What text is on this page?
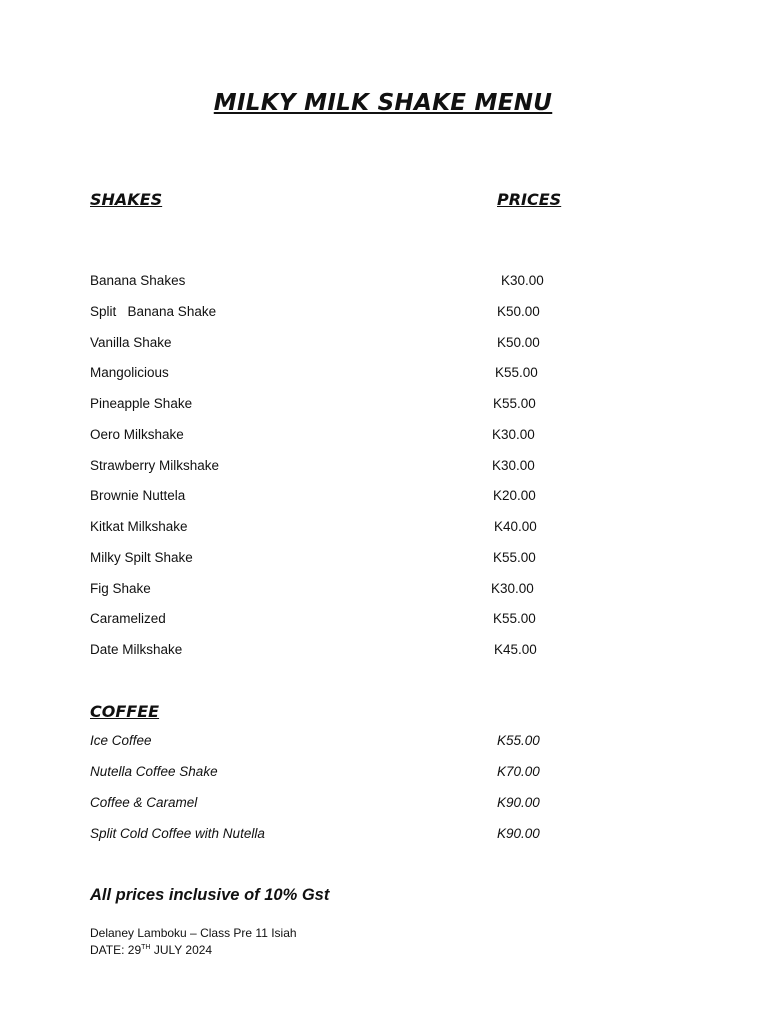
MILKY MILK SHAKE MENU
SHAKES	PRICES
Banana Shakes	K30.00
Split   Banana Shake	K50.00
Vanilla Shake	K50.00
Mangolicious	K55.00
Pineapple Shake	K55.00
Oero Milkshake	K30.00
Strawberry Milkshake	K30.00
Brownie Nuttela	K20.00
Kitkat Milkshake	K40.00
Milky Spilt Shake	K55.00
Fig Shake	K30.00
Caramelized	K55.00
Date Milkshake	K45.00
COFFEE
Ice Coffee	K55.00
Nutella Coffee Shake	K70.00
Coffee & Caramel	K90.00
Split Cold Coffee with Nutella	K90.00
All prices inclusive of 10% Gst
Delaney Lamboku – Class Pre 11 Isiah
DATE: 29TH JULY 2024
